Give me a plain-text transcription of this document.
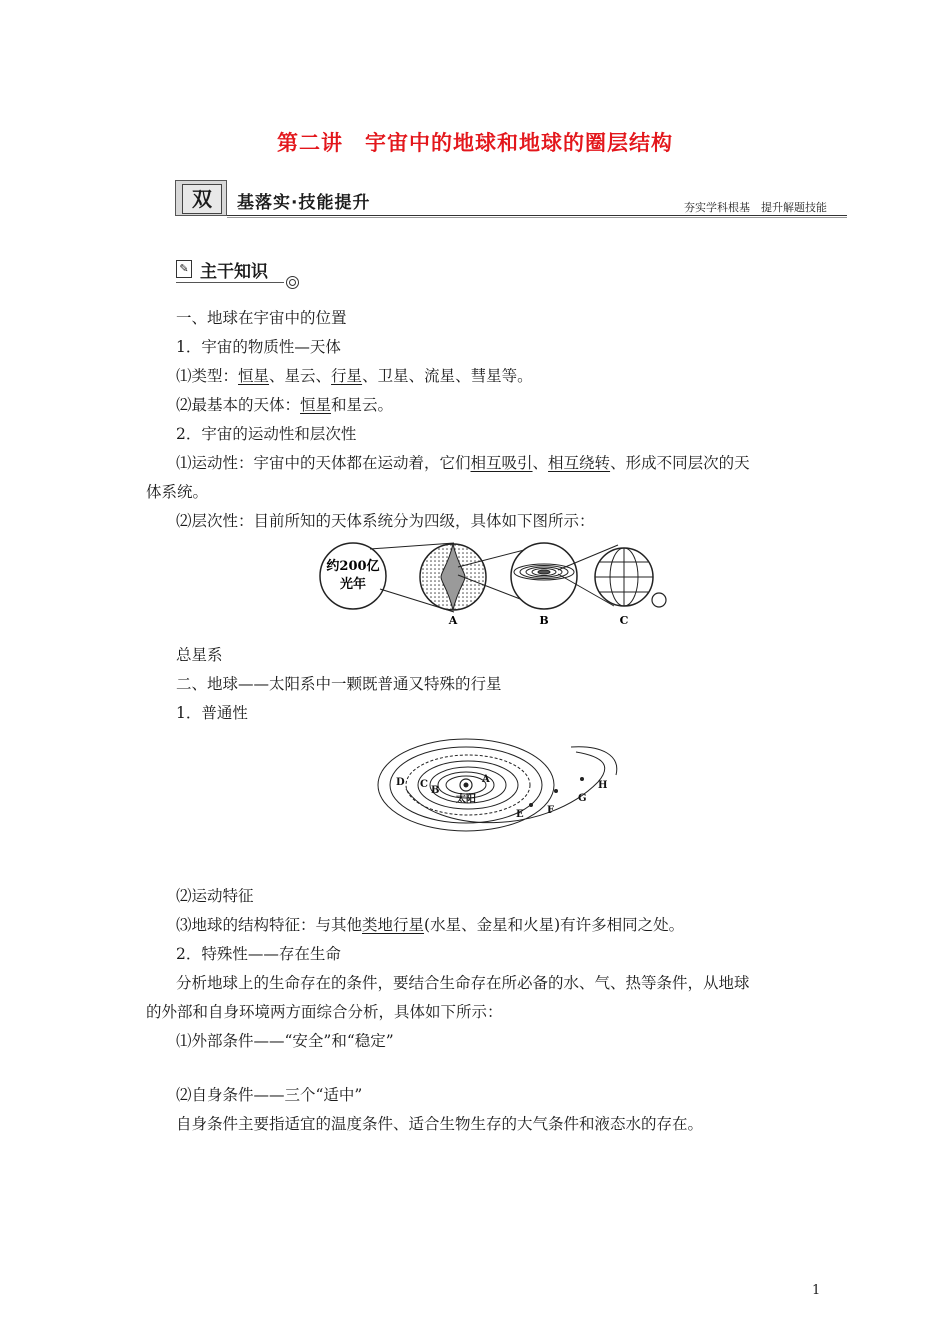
第二讲　宇宙中的地球和地球的圈层结构
双	基落实·技能提升	夯实学科根基　提升解题技能
✎ 主干知识
一、地球在宇宙中的位置
1．宇宙的物质性—天体
⑴类型：恒星、星云、行星、卫星、流星、彗星等。
⑵最基本的天体：恒星和星云。
2．宇宙的运动性和层次性
⑴运动性：宇宙中的天体都在运动着，它们相互吸引、相互绕转、形成不同层次的天
体系统。
⑵层次性：目前所知的天体系统分为四级，具体如下图所示：
约200亿
光年
A	B	C
总星系
二、地球——太阳系中一颗既普通又特殊的行星
1．普通性
D C
B
A
太阳
E F
G
H
⑵运动特征
⑶地球的结构特征：与其他类地行星(水星、金星和火星)有许多相同之处。
2．特殊性——存在生命
分析地球上的生命存在的条件，要结合生命存在所必备的水、气、热等条件，从地球
的外部和自身环境两方面综合分析，具体如下所示：
⑴外部条件——“安全”和“稳定”
⑵自身条件——三个“适中”
自身条件主要指适宜的温度条件、适合生物生存的大气条件和液态水的存在。
1
